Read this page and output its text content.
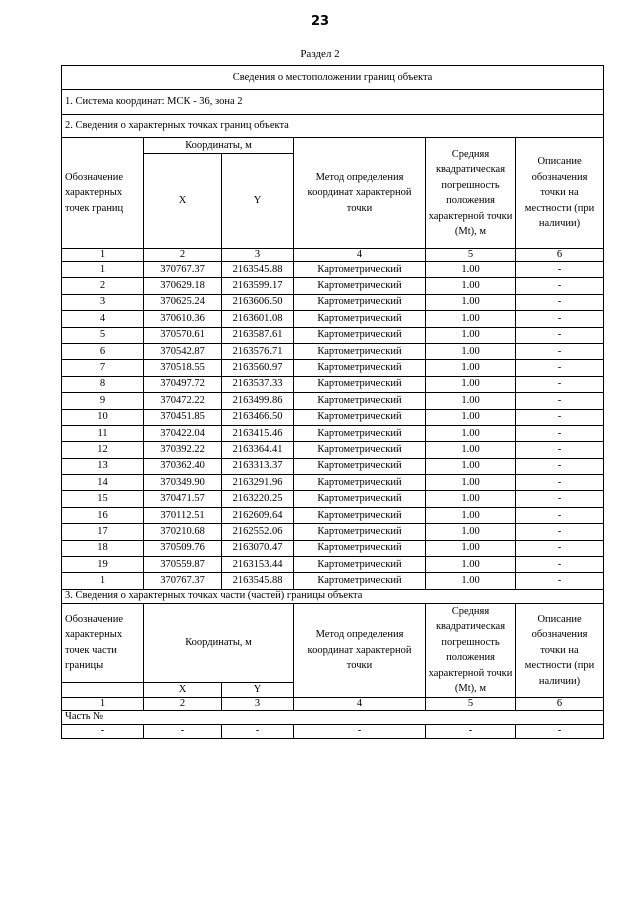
23
Раздел 2
Сведения о местоположении границ объекта					
1. Система координат: МСК - 36, зона 2					
2. Сведения о характерных точках границ объекта					
Обозначение характерных точек границ	Координаты, м		Метод определения координат характерной точки	Средняя квадратическая погрешность положения характерной точки (Mt), м	Описание обозначения точки на местности (при наличии)
	X	Y			
1	2	3	4	5	6
1	370767.37	2163545.88	Картометрический	1.00	-
2	370629.18	2163599.17	Картометрический	1.00	-
3	370625.24	2163606.50	Картометрический	1.00	-
4	370610.36	2163601.08	Картометрический	1.00	-
5	370570.61	2163587.61	Картометрический	1.00	-
6	370542.87	2163576.71	Картометрический	1.00	-
7	370518.55	2163560.97	Картометрический	1.00	-
8	370497.72	2163537.33	Картометрический	1.00	-
9	370472.22	2163499.86	Картометрический	1.00	-
10	370451.85	2163466.50	Картометрический	1.00	-
11	370422.04	2163415.46	Картометрический	1.00	-
12	370392.22	2163364.41	Картометрический	1.00	-
13	370362.40	2163313.37	Картометрический	1.00	-
14	370349.90	2163291.96	Картометрический	1.00	-
15	370471.57	2163220.25	Картометрический	1.00	-
16	370112.51	2162609.64	Картометрический	1.00	-
17	370210.68	2162552.06	Картометрический	1.00	-
18	370509.76	2163070.47	Картометрический	1.00	-
19	370559.87	2163153.44	Картометрический	1.00	-
1	370767.37	2163545.88	Картометрический	1.00	-
3. Сведения о характерных точках части (частей) границы объекта					
Обозначение характерных точек части границы	Координаты, м		Метод определения координат характерной точки	Средняя квадратическая погрешность положения характерной точки (Mt), м	Описание обозначения точки на местности (при наличии)
	X	Y			
1	2	3	4	5	6
Часть №					
-	-	-	-	-	-
